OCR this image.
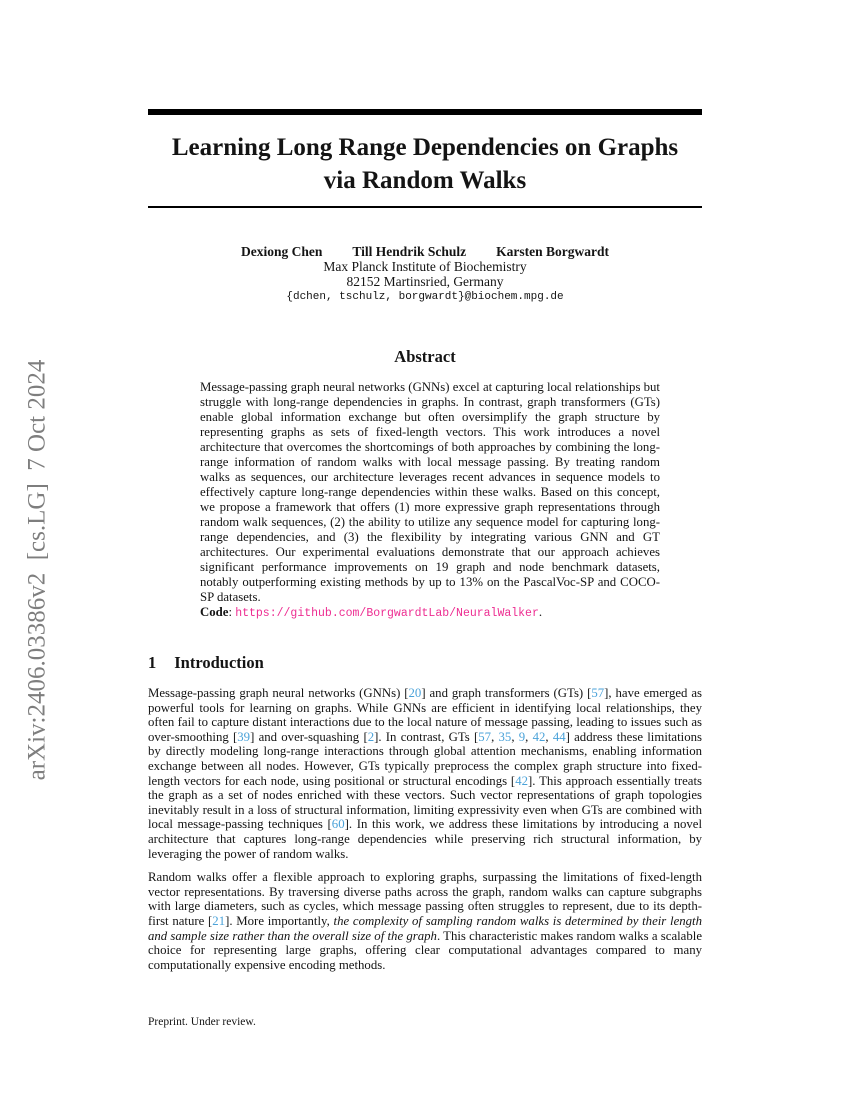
arXiv:2406.03386v2  [cs.LG]  7 Oct 2024
Learning Long Range Dependencies on Graphs
via Random Walks
Dexiong Chen Till Hendrik Schulz Karsten Borgwardt
Max Planck Institute of Biochemistry
82152 Martinsried, Germany
{dchen, tschulz, borgwardt}@biochem.mpg.de
Abstract
Message-passing graph neural networks (GNNs) excel at capturing local relationships but struggle with long-range dependencies in graphs. In contrast, graph transformers (GTs) enable global information exchange but often oversimplify the graph structure by representing graphs as sets of fixed-length vectors. This work introduces a novel architecture that overcomes the shortcomings of both approaches by combining the long-range information of random walks with local message passing. By treating random walks as sequences, our architecture leverages recent advances in sequence models to effectively capture long-range dependencies within these walks. Based on this concept, we propose a framework that offers (1) more expressive graph representations through random walk sequences, (2) the ability to utilize any sequence model for capturing long-range dependencies, and (3) the flexibility by integrating various GNN and GT architectures. Our experimental evaluations demonstrate that our approach achieves significant performance improvements on 19 graph and node benchmark datasets, notably outperforming existing methods by up to 13% on the PascalVoc-SP and COCO-SP datasets.
Code: https://github.com/BorgwardtLab/NeuralWalker.
1 Introduction
Message-passing graph neural networks (GNNs) [20] and graph transformers (GTs) [57], have emerged as powerful tools for learning on graphs. While GNNs are efficient in identifying local relationships, they often fail to capture distant interactions due to the local nature of message passing, leading to issues such as over-smoothing [39] and over-squashing [2]. In contrast, GTs [57, 35, 9, 42, 44] address these limitations by directly modeling long-range interactions through global attention mechanisms, enabling information exchange between all nodes. However, GTs typically preprocess the complex graph structure into fixed-length vectors for each node, using positional or structural encodings [42]. This approach essentially treats the graph as a set of nodes enriched with these vectors. Such vector representations of graph topologies inevitably result in a loss of structural information, limiting expressivity even when GTs are combined with local message-passing techniques [60]. In this work, we address these limitations by introducing a novel architecture that captures long-range dependencies while preserving rich structural information, by leveraging the power of random walks.
Random walks offer a flexible approach to exploring graphs, surpassing the limitations of fixed-length vector representations. By traversing diverse paths across the graph, random walks can capture subgraphs with large diameters, such as cycles, which message passing often struggles to represent, due to its depth-first nature [21]. More importantly, the complexity of sampling random walks is determined by their length and sample size rather than the overall size of the graph. This characteristic makes random walks a scalable choice for representing large graphs, offering clear computational advantages compared to many computationally expensive encoding methods.
Preprint. Under review.
